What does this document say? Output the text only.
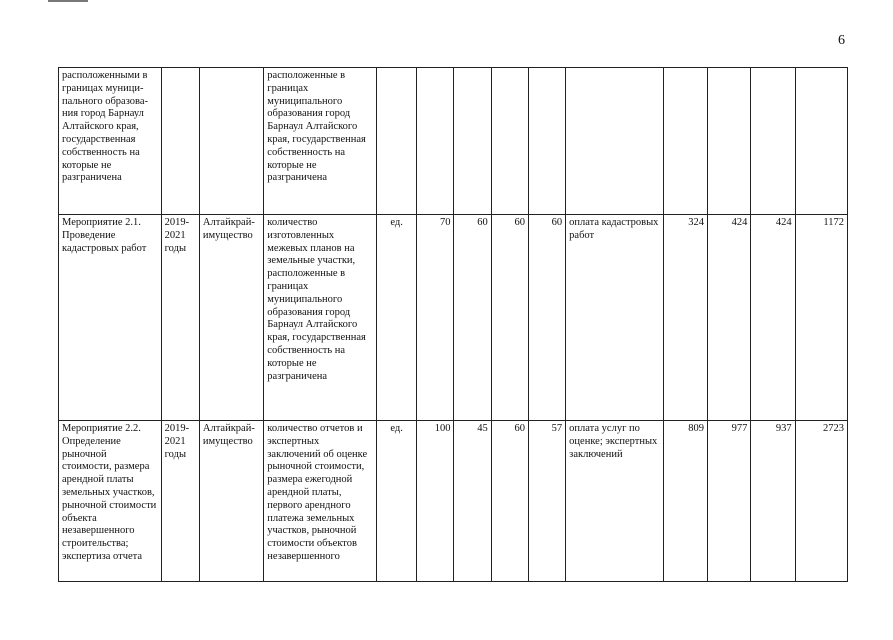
6
расположенными в границах муници-пального образова-ния город Барнаул Алтайского края, государственная собственность на которые не разграничена			расположенные в границах муниципального образования город Барнаул Алтайского края, государственная собственность на которые не разграничена										
Мероприятие 2.1. Проведение кадастровых работ	2019-2021 годы	Алтайкрай-имущество	количество изготовленных межевых планов на земельные участки, расположенные в границах муниципального образования город Барнаул Алтайского края, государственная собственность на которые не разграничена	ед.	70	60	60	60	оплата кадастровых работ	324	424	424	1172
Мероприятие 2.2. Определение рыночной стоимости, размера арендной платы земельных участков, рыночной стоимости объекта незавершенного строительства; экспертиза отчета	2019-2021 годы	Алтайкрай-имущество	количество отчетов и экспертных заключений об оценке рыночной стоимости, размера ежегодной арендной платы, первого арендного платежа земельных участков, рыночной стоимости объектов незавершенного	ед.	100	45	60	57	оплата услуг по оценке; экспертных заключений	809	977	937	2723
